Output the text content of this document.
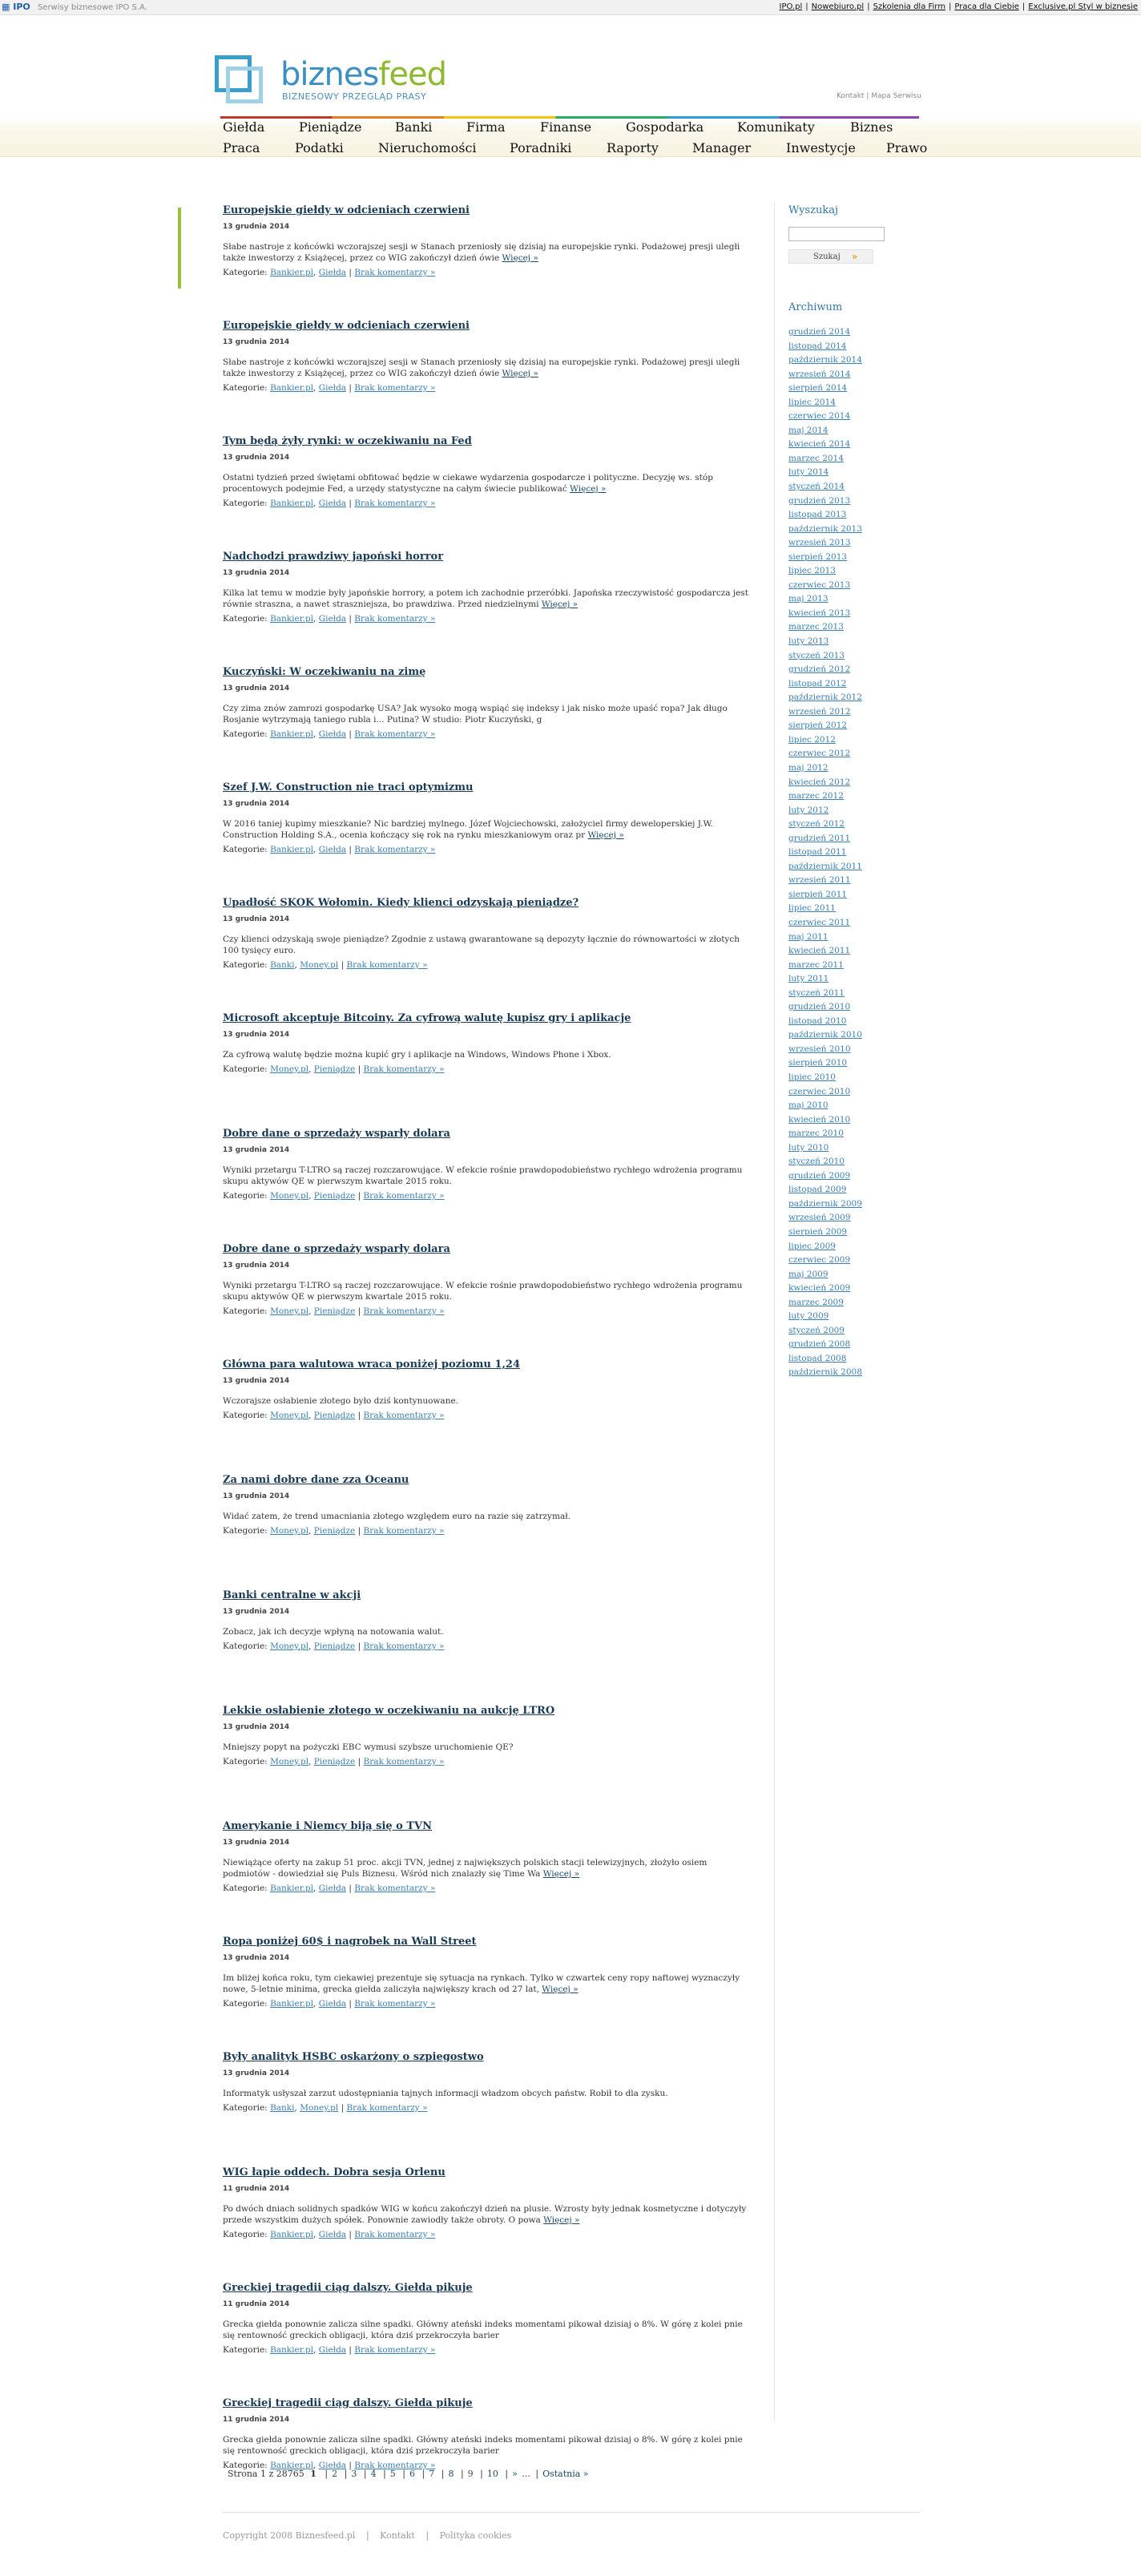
▦ IPO Serwisy biznesowe IPO S.A.	IPO.pl | Nowebiuro.pl | Szkolenia dla Firm | Praca dla Ciebie | Exclusive.pl Styl w biznesie
biznesfeed
BIZNESOWY PRZEGLĄD PRASY	Kontakt | Mapa Serwisu
Giełda	Pieniądze	Banki	Firma	Finanse	Gospodarka	Komunikaty	Biznes
Praca	Podatki	Nieruchomości	Poradniki	Raporty	Manager	Inwestycje Prawo
Europejskie giełdy w odcieniach czerwieni
13 grudnia 2014
Słabe nastroje z końcówki wczorajszej sesji w Stanach przeniosły się dzisiaj na europejskie rynki. Podażowej presji uległi także inwestorzy z Książęcej, przez co WIG zakończył dzień ówie Więcej »
Kategorie: Bankier.pl, Giełda | Brak komentarzy »
Europejskie giełdy w odcieniach czerwieni
13 grudnia 2014
Słabe nastroje z końcówki wczorajszej sesji w Stanach przeniosły się dzisiaj na europejskie rynki. Podażowej presji uległi także inwestorzy z Książęcej, przez co WIG zakończył dzień ówie Więcej »
Kategorie: Bankier.pl, Giełda | Brak komentarzy »
Tym będą żyły rynki: w oczekiwaniu na Fed
13 grudnia 2014
Ostatni tydzień przed świętami obfitować będzie w ciekawe wydarzenia gospodarcze i polityczne. Decyzję ws. stóp procentowych podejmie Fed, a urzędy statystyczne na całym świecie publikować Więcej »
Kategorie: Bankier.pl, Giełda | Brak komentarzy »
Nadchodzi prawdziwy japoński horror
13 grudnia 2014
Kilka lat temu w modzie były japońskie horrory, a potem ich zachodnie przeróbki. Japońska rzeczywistość gospodarcza jest równie straszna, a nawet straszniejsza, bo prawdziwa. Przed niedzielnymi Więcej »
Kategorie: Bankier.pl, Giełda | Brak komentarzy »
Kuczyński: W oczekiwaniu na zimę
13 grudnia 2014
Czy zima znów zamrozi gospodarkę USA? Jak wysoko mogą wspiąć się indeksy i jak nisko może upaść ropa? Jak długo Rosjanie wytrzymają taniego rubla i... Putina? W studio: Piotr Kuczyński, g
Kategorie: Bankier.pl, Giełda | Brak komentarzy »
Szef J.W. Construction nie traci optymizmu
13 grudnia 2014
W 2016 taniej kupimy mieszkanie? Nic bardziej mylnego. Józef Wojciechowski, założyciel firmy deweloperskiej J.W. Construction Holding S.A., ocenia kończący się rok na rynku mieszkaniowym oraz pr Więcej »
Kategorie: Bankier.pl, Giełda | Brak komentarzy »
Upadłość SKOK Wołomin. Kiedy klienci odzyskają pieniądze?
13 grudnia 2014
Czy klienci odzyskają swoje pieniądze? Zgodnie z ustawą gwarantowane są depozyty łącznie do równowartości w złotych 100 tysięcy euro.
Kategorie: Banki, Money.pl | Brak komentarzy »
Microsoft akceptuje Bitcoiny. Za cyfrową walutę kupisz gry i aplikacje
13 grudnia 2014
Za cyfrową walutę będzie można kupić gry i aplikacje na Windows, Windows Phone i Xbox.
Kategorie: Money.pl, Pieniądze | Brak komentarzy »
Dobre dane o sprzedaży wsparły dolara
13 grudnia 2014
Wyniki przetargu T-LTRO są raczej rozczarowujące. W efekcie rośnie prawdopodobieństwo rychłego wdrożenia programu skupu aktywów QE w pierwszym kwartale 2015 roku.
Kategorie: Money.pl, Pieniądze | Brak komentarzy »
Dobre dane o sprzedaży wsparły dolara
13 grudnia 2014
Wyniki przetargu T-LTRO są raczej rozczarowujące. W efekcie rośnie prawdopodobieństwo rychłego wdrożenia programu skupu aktywów QE w pierwszym kwartale 2015 roku.
Kategorie: Money.pl, Pieniądze | Brak komentarzy »
Główna para walutowa wraca poniżej poziomu 1,24
13 grudnia 2014
Wczorajsze osłabienie złotego było dziś kontynuowane.
Kategorie: Money.pl, Pieniądze | Brak komentarzy »
Za nami dobre dane zza Oceanu
13 grudnia 2014
Widać zatem, że trend umacniania złotego względem euro na razie się zatrzymał.
Kategorie: Money.pl, Pieniądze | Brak komentarzy »
Banki centralne w akcji
13 grudnia 2014
Zobacz, jak ich decyzje wpłyną na notowania walut.
Kategorie: Money.pl, Pieniądze | Brak komentarzy »
Lekkie osłabienie złotego w oczekiwaniu na aukcję LTRO
13 grudnia 2014
Mniejszy popyt na pożyczki EBC wymusi szybsze uruchomienie QE?
Kategorie: Money.pl, Pieniądze | Brak komentarzy »
Amerykanie i Niemcy biją się o TVN
13 grudnia 2014
Niewiążące oferty na zakup 51 proc. akcji TVN, jednej z największych polskich stacji telewizyjnych, złożyło osiem podmiotów - dowiedział się Puls Biznesu. Wśród nich znalazły się Time Wa Więcej »
Kategorie: Bankier.pl, Giełda | Brak komentarzy »
Ropa poniżej 60$ i nagrobek na Wall Street
13 grudnia 2014
Im bliżej końca roku, tym ciekawiej prezentuje się sytuacja na rynkach. Tylko w czwartek ceny ropy naftowej wyznaczyły nowe, 5-letnie minima, grecka giełda zaliczyła największy krach od 27 lat, Więcej »
Kategorie: Bankier.pl, Giełda | Brak komentarzy »
Były analityk HSBC oskarżony o szpiegostwo
13 grudnia 2014
Informatyk usłyszał zarzut udostępniania tajnych informacji władzom obcych państw. Robił to dla zysku.
Kategorie: Banki, Money.pl | Brak komentarzy »
WIG łapie oddech. Dobra sesja Orlenu
11 grudnia 2014
Po dwóch dniach solidnych spadków WIG w końcu zakończył dzień na plusie. Wzrosty były jednak kosmetyczne i dotyczyły przede wszystkim dużych spółek. Ponownie zawiodły także obroty. O powa Więcej »
Kategorie: Bankier.pl, Giełda | Brak komentarzy »
Greckiej tragedii ciąg dalszy. Giełda pikuje
11 grudnia 2014
Grecka giełda ponownie zalicza silne spadki. Główny ateński indeks momentami pikował dzisiaj o 8%. W górę z kolei pnie się rentowność greckich obligacji, która dziś przekroczyła barier
Kategorie: Bankier.pl, Giełda | Brak komentarzy »
Greckiej tragedii ciąg dalszy. Giełda pikuje
11 grudnia 2014
Grecka giełda ponownie zalicza silne spadki. Główny ateński indeks momentami pikował dzisiaj o 8%. W górę z kolei pnie się rentowność greckich obligacji, która dziś przekroczyła barier
Kategorie: Bankier.pl, Giełda | Brak komentarzy »
Strona 1 z 28765 1 | 2 | 3 | 4 | 5 | 6 | 7 | 8 | 9 | 10 | » ... | Ostatnia »
Copyright 2008 Biznesfeed.pl | Kontakt | Polityka cookies
Wyszukaj
Szukaj »
Archiwum
grudzień 2014
listopad 2014
październik 2014
wrzesień 2014
sierpień 2014
lipiec 2014
czerwiec 2014
maj 2014
kwiecień 2014
marzec 2014
luty 2014
styczeń 2014
grudzień 2013
listopad 2013
październik 2013
wrzesień 2013
sierpień 2013
lipiec 2013
czerwiec 2013
maj 2013
kwiecień 2013
marzec 2013
luty 2013
styczeń 2013
grudzień 2012
listopad 2012
październik 2012
wrzesień 2012
sierpień 2012
lipiec 2012
czerwiec 2012
maj 2012
kwiecień 2012
marzec 2012
luty 2012
styczeń 2012
grudzień 2011
listopad 2011
październik 2011
wrzesień 2011
sierpień 2011
lipiec 2011
czerwiec 2011
maj 2011
kwiecień 2011
marzec 2011
luty 2011
styczeń 2011
grudzień 2010
listopad 2010
październik 2010
wrzesień 2010
sierpień 2010
lipiec 2010
czerwiec 2010
maj 2010
kwiecień 2010
marzec 2010
luty 2010
styczeń 2010
grudzień 2009
listopad 2009
październik 2009
wrzesień 2009
sierpień 2009
lipiec 2009
czerwiec 2009
maj 2009
kwiecień 2009
marzec 2009
luty 2009
styczeń 2009
grudzień 2008
listopad 2008
październik 2008
